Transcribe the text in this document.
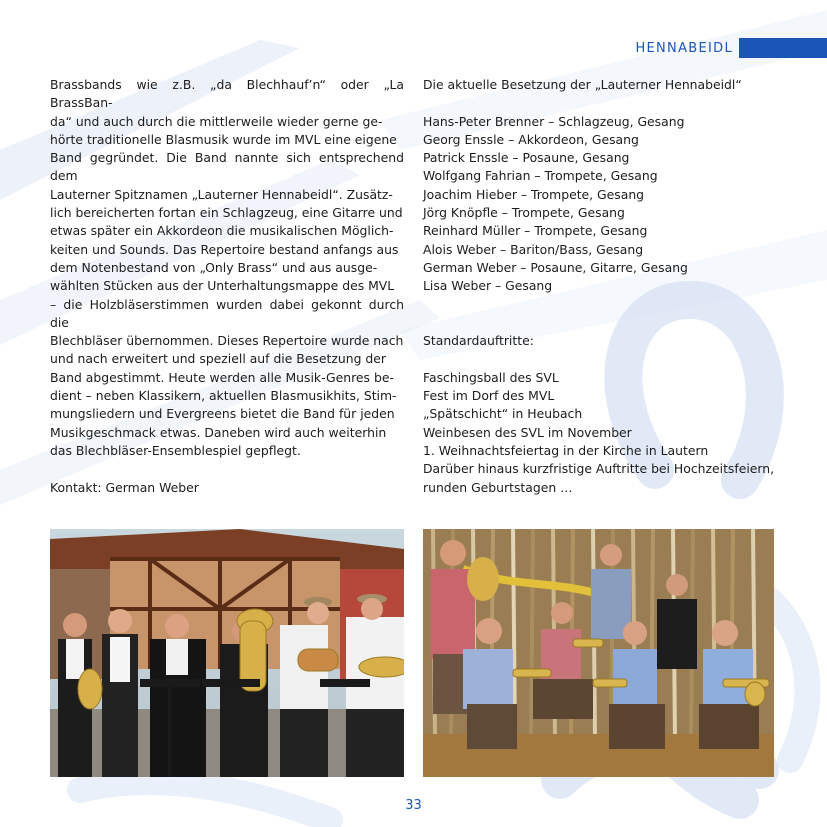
HENNABEIDL

Brassbands wie z.B. „da Blechhauf’n“ oder „La BrassBan-
da“ und auch durch die mittlerweile wieder gerne ge-
hörte traditionelle Blasmusik wurde im MVL eine eigene
Band gegründet. Die Band nannte sich entsprechend dem
Lauterner Spitznamen „Lauterner Hennabeidl“. Zusätz-
lich bereicherten fortan ein Schlagzeug, eine Gitarre und
etwas später ein Akkordeon die musikalischen Möglich-
keiten und Sounds. Das Repertoire bestand anfangs aus
dem Notenbestand von „Only Brass“ und aus ausge-
wählten Stücken aus der Unterhaltungsmappe des MVL
– die Holzbläserstimmen wurden dabei gekonnt durch die
Blechbläser übernommen. Dieses Repertoire wurde nach
und nach erweitert und speziell auf die Besetzung der
Band abgestimmt. Heute werden alle Musik-Genres be-
dient – neben Klassikern, aktuellen Blasmusikhits, Stim-
mungsliedern und Evergreens bietet die Band für jeden
Musikgeschmack etwas. Daneben wird auch weiterhin
das Blechbläser-Ensemblespiel gepflegt.

Kontakt: German Weber

Die aktuelle Besetzung der „Lauterner Hennabeidl“

Hans-Peter Brenner – Schlagzeug, Gesang
Georg Enssle – Akkordeon, Gesang
Patrick Enssle – Posaune, Gesang
Wolfgang Fahrian – Trompete, Gesang
Joachim Hieber – Trompete, Gesang
Jörg Knöpfle – Trompete, Gesang
Reinhard Müller – Trompete, Gesang
Alois Weber – Bariton/Bass, Gesang
German Weber – Posaune, Gitarre, Gesang
Lisa Weber – Gesang

Standardauftritte:

Faschingsball des SVL
Fest im Dorf des MVL
„Spätschicht“ in Heubach
Weinbesen des SVL im November
1. Weihnachtsfeiertag in der Kirche in Lautern
Darüber hinaus kurzfristige Auftritte bei Hochzeitsfeiern,
runden Geburtstagen …
33
